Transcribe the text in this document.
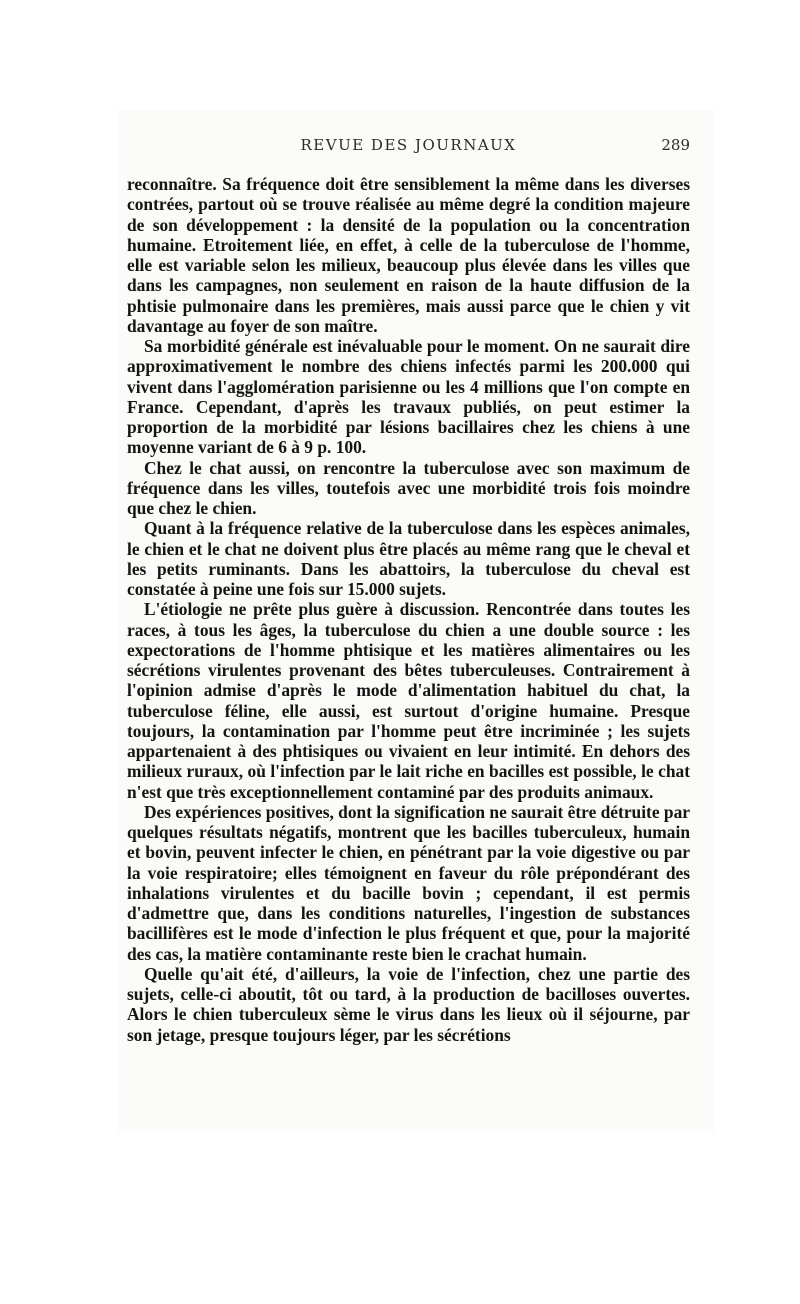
REVUE DES JOURNAUX	289

reconnaître. Sa fréquence doit être sensiblement la même dans les diverses contrées, partout où se trouve réalisée au même degré la condition majeure de son développement : la densité de la population ou la concentration humaine. Etroitement liée, en effet, à celle de la tuberculose de l'homme, elle est variable selon les milieux, beaucoup plus élevée dans les villes que dans les campagnes, non seulement en raison de la haute diffusion de la phtisie pulmonaire dans les premières, mais aussi parce que le chien y vit davantage au foyer de son maître.

Sa morbidité générale est inévaluable pour le moment. On ne saurait dire approximativement le nombre des chiens infectés parmi les 200.000 qui vivent dans l'agglomération parisienne ou les 4 millions que l'on compte en France. Cependant, d'après les travaux publiés, on peut estimer la proportion de la morbidité par lésions bacillaires chez les chiens à une moyenne variant de 6 à 9 p. 100.

Chez le chat aussi, on rencontre la tuberculose avec son maximum de fréquence dans les villes, toutefois avec une morbidité trois fois moindre que chez le chien.

Quant à la fréquence relative de la tuberculose dans les espèces animales, le chien et le chat ne doivent plus être placés au même rang que le cheval et les petits ruminants. Dans les abattoirs, la tuberculose du cheval est constatée à peine une fois sur 15.000 sujets.

L'étiologie ne prête plus guère à discussion. Rencontrée dans toutes les races, à tous les âges, la tuberculose du chien a une double source : les expectorations de l'homme phtisique et les matières alimentaires ou les sécrétions virulentes provenant des bêtes tuberculeuses. Contrairement à l'opinion admise d'après le mode d'alimentation habituel du chat, la tuberculose féline, elle aussi, est surtout d'origine humaine. Presque toujours, la contamination par l'homme peut être incriminée ; les sujets appartenaient à des phtisiques ou vivaient en leur intimité. En dehors des milieux ruraux, où l'infection par le lait riche en bacilles est possible, le chat n'est que très exceptionnellement contaminé par des produits animaux.

Des expériences positives, dont la signification ne saurait être détruite par quelques résultats négatifs, montrent que les bacilles tuberculeux, humain et bovin, peuvent infecter le chien, en pénétrant par la voie digestive ou par la voie respiratoire; elles témoignent en faveur du rôle prépondérant des inhalations virulentes et du bacille bovin ; cependant, il est permis d'admettre que, dans les conditions naturelles, l'ingestion de substances bacillifères est le mode d'infection le plus fréquent et que, pour la majorité des cas, la matière contaminante reste bien le crachat humain.

Quelle qu'ait été, d'ailleurs, la voie de l'infection, chez une partie des sujets, celle-ci aboutit, tôt ou tard, à la production de bacilloses ouvertes. Alors le chien tuberculeux sème le virus dans les lieux où il séjourne, par son jetage, presque toujours léger, par les sécrétions
